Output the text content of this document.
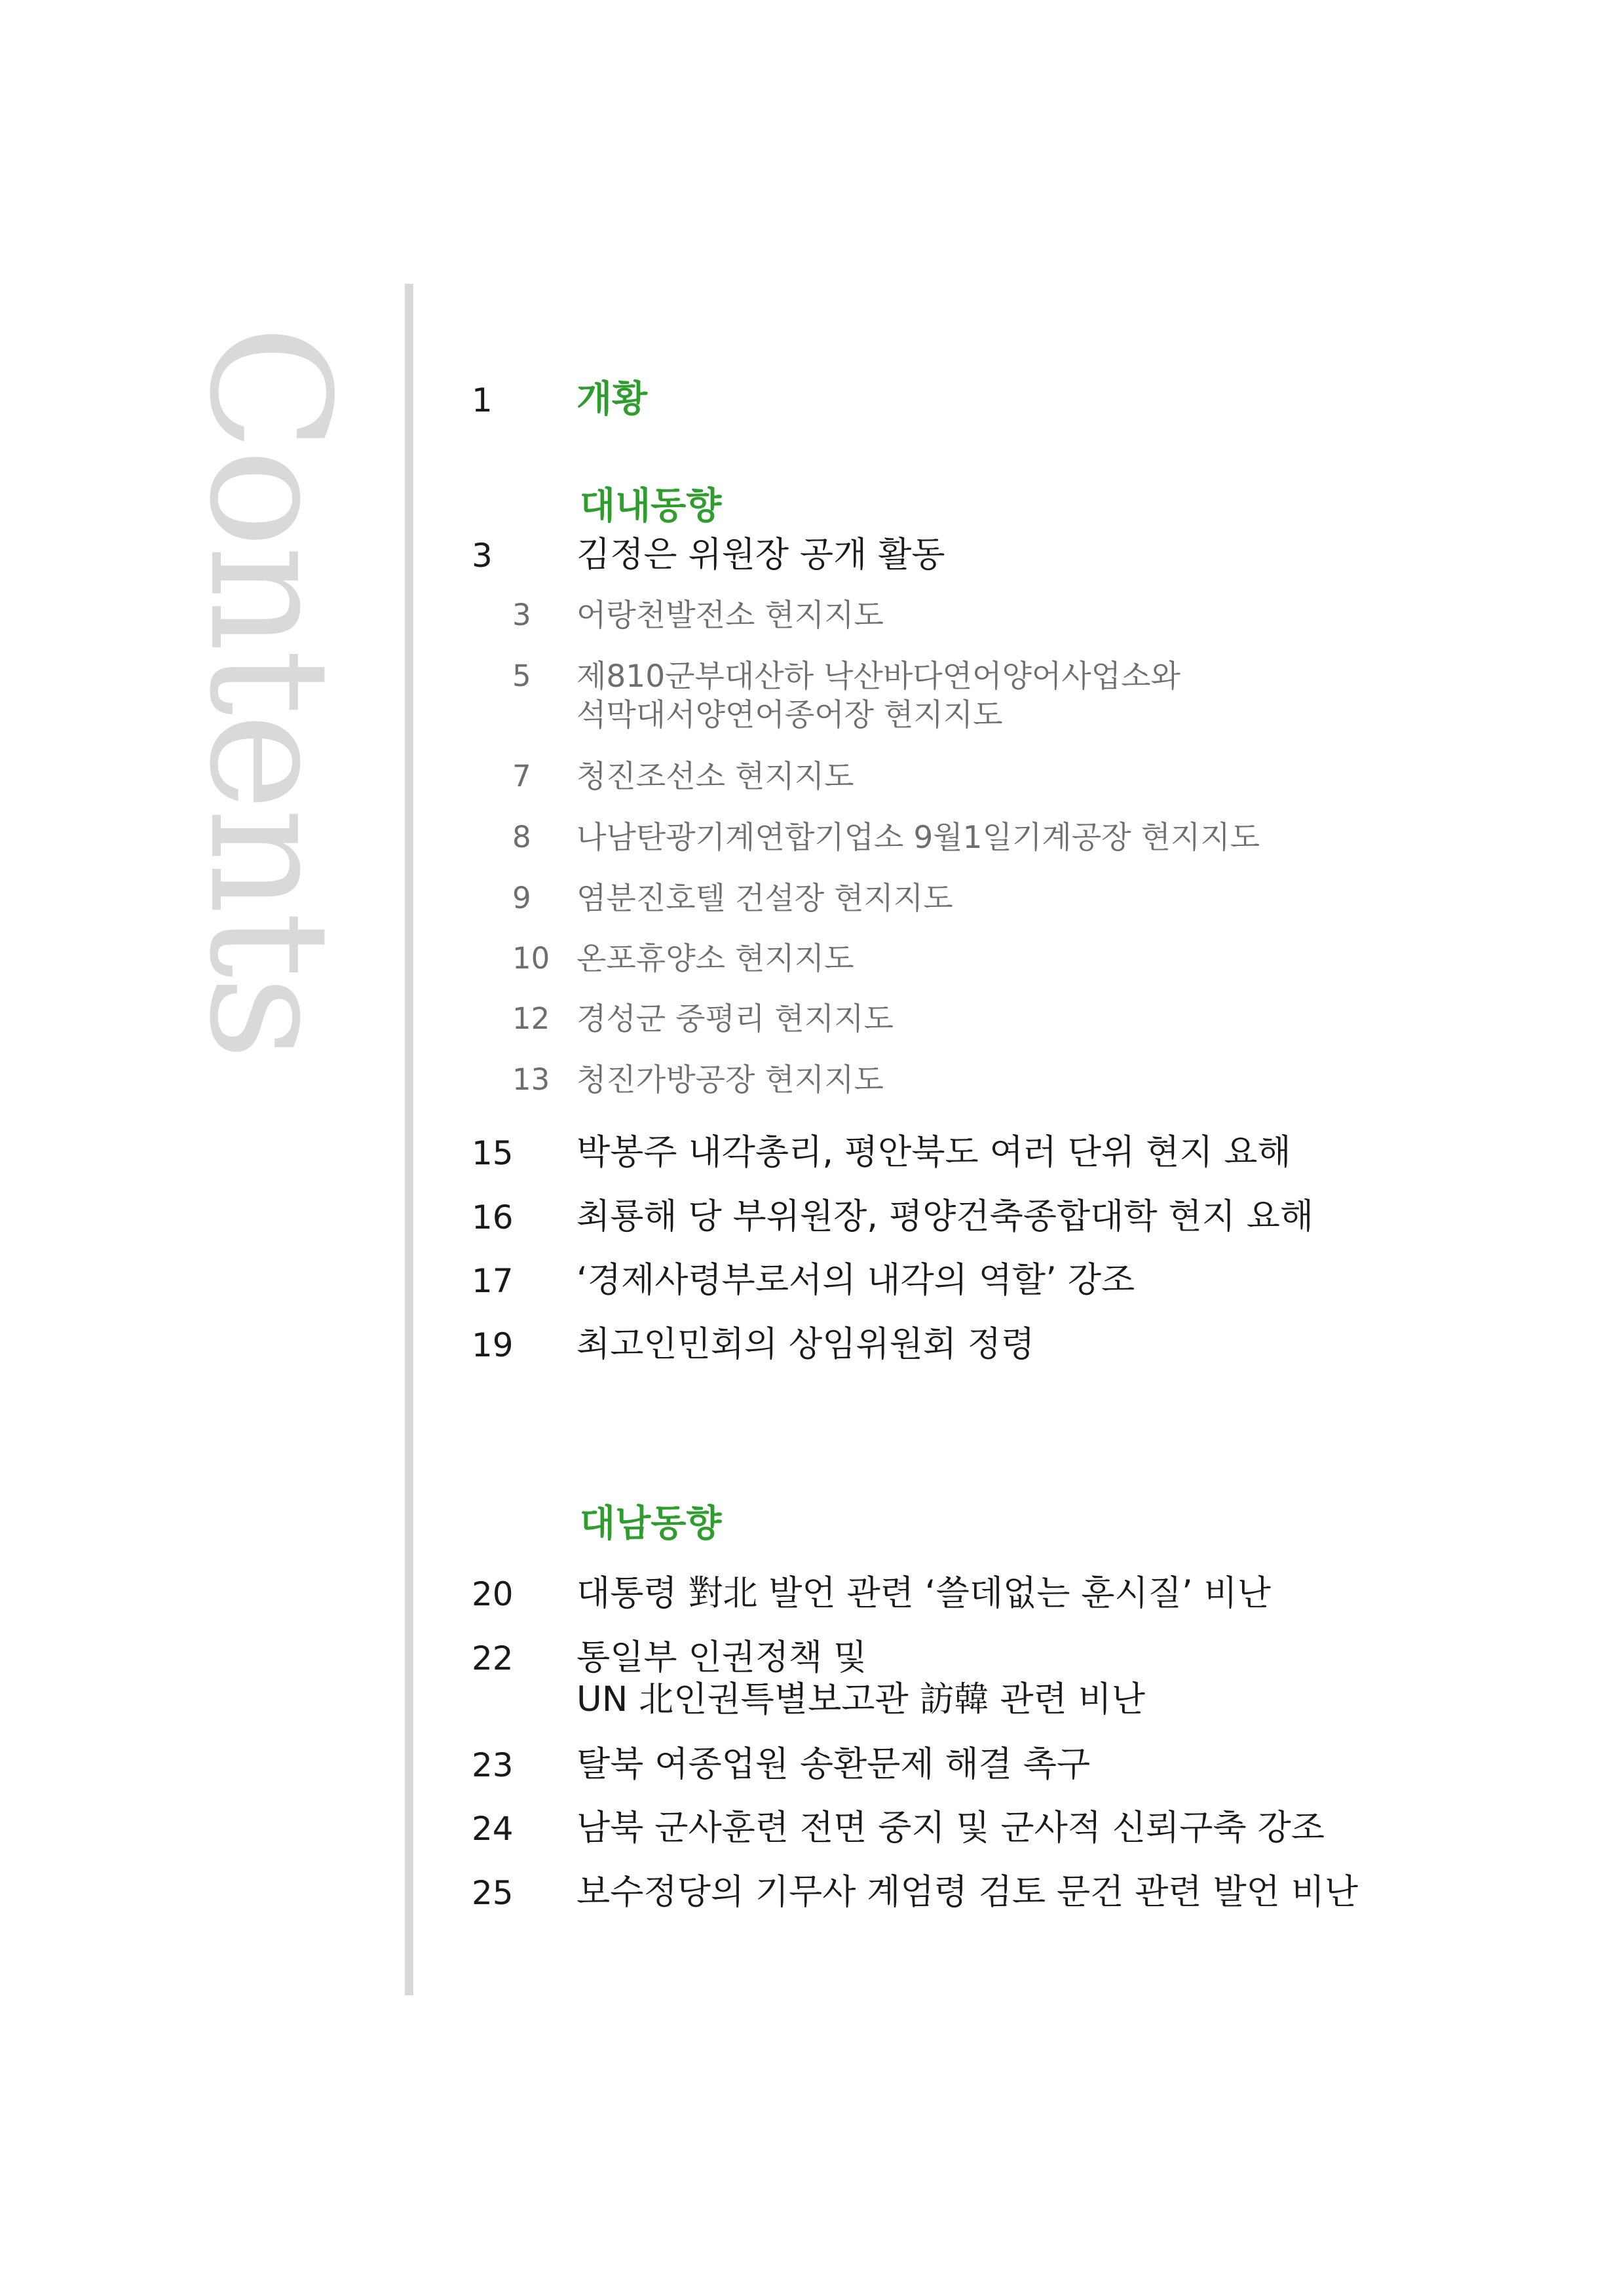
Contents	1 개황
대내동향
3 김정은 위원장 공개 활동
3 어랑천발전소 현지지도
5 제810군부대산하 낙산바다연어양어사업소와
석막대서양연어종어장 현지지도
7 청진조선소 현지지도
8 나남탄광기계연합기업소 9월1일기계공장 현지지도
9 염분진호텔 건설장 현지지도
10 온포휴양소 현지지도
12 경성군 중평리 현지지도
13 청진가방공장 현지지도
15 박봉주 내각총리, 평안북도 여러 단위 현지 요해
16 최룡해 당 부위원장, 평양건축종합대학 현지 요해
17 ‘경제사령부로서의 내각의 역할’ 강조
19 최고인민회의 상임위원회 정령
대남동향
20 대통령 對北 발언 관련 ‘쓸데없는 훈시질’ 비난
22 통일부 인권정책 및
UN 北인권특별보고관 訪韓 관련 비난
23 탈북 여종업원 송환문제 해결 촉구
24 남북 군사훈련 전면 중지 및 군사적 신뢰구축 강조
25 보수정당의 기무사 계엄령 검토 문건 관련 발언 비난
